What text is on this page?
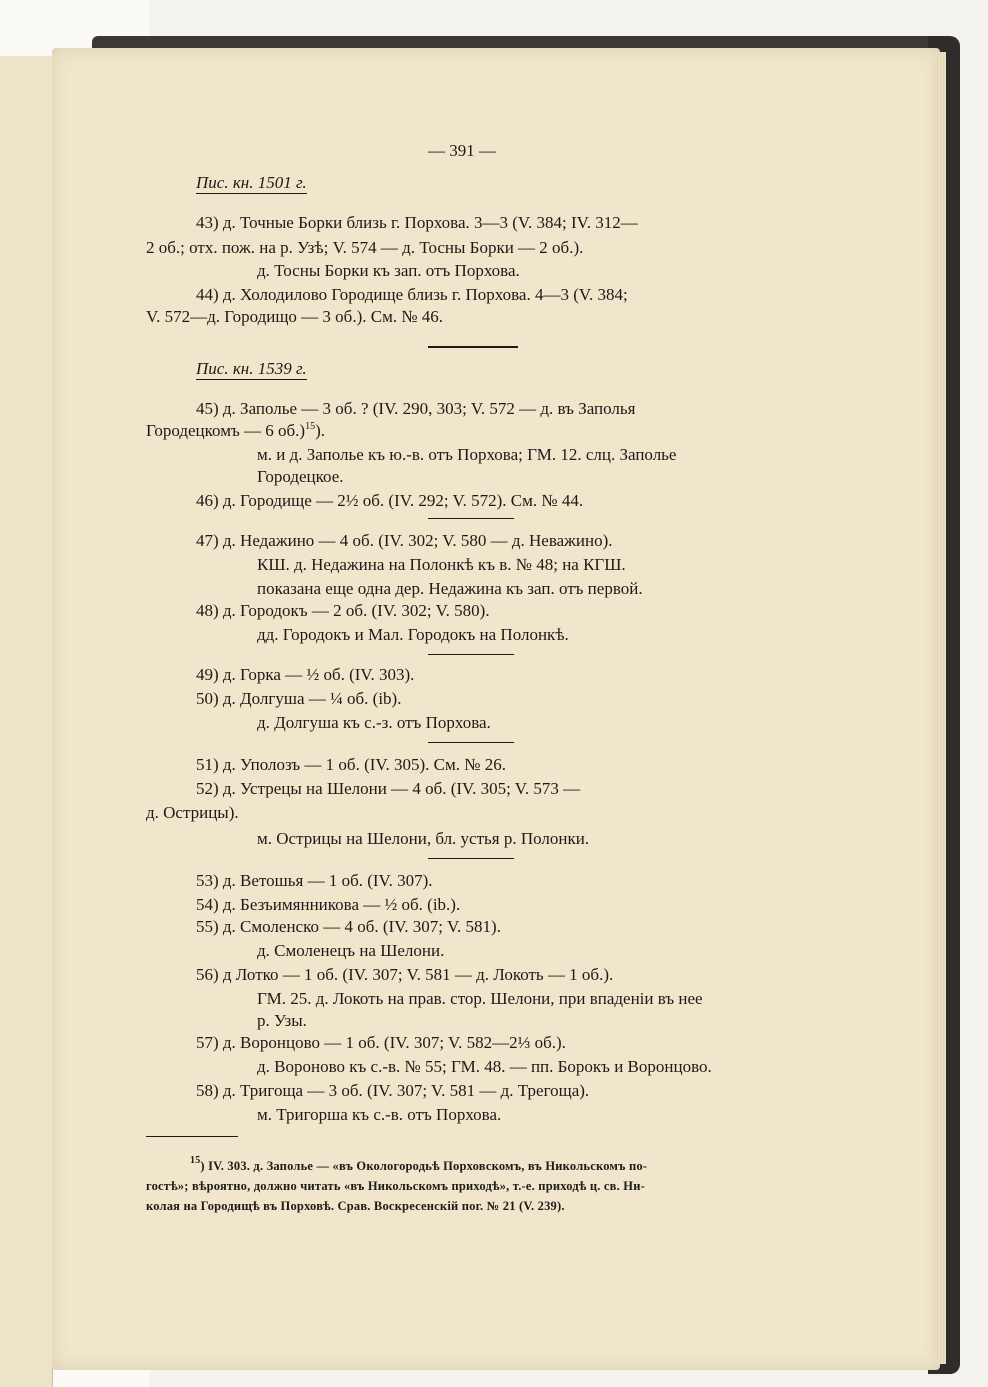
— 391 —
Пис. кн. 1501 г.
43) д. Точные Борки близь г. Порхова. 3—3 (V. 384; IV. 312—
2 об.; отх. пож. на р. Узѣ; V. 574 — д. Тосны Борки — 2 об.).
д. Тосны Борки къ зап. отъ Порхова.
44) д. Холодилово Городище близь г. Порхова. 4—3 (V. 384;
V. 572—д. Городищо — 3 об.). См. № 46.
Пис. кн. 1539 г.
45) д. Заполье — 3 об. ? (IV. 290, 303; V. 572 — д. въ Заполья
Городецкомъ — 6 об.)$^{15}$).
м. и д. Заполье къ ю.-в. отъ Порхова; ГМ. 12. слц. Заполье
Городецкое.
46) д. Городище — 2½ об. (IV. 292; V. 572). См. № 44.
47) д. Недажино — 4 об. (IV. 302; V. 580 — д. Неважино).
КШ. д. Недажина на Полонкѣ къ в. № 48; на КГШ.
показана еще одна дер. Недажина къ зап. отъ первой.
48) д. Городокъ — 2 об. (IV. 302; V. 580).
дд. Городокъ и Мал. Городокъ на Полонкѣ.
49) д. Горка — ½ об. (IV. 303).
50) д. Долгуша — ¼ об. (ib).
д. Долгуша къ с.-з. отъ Порхова.
51) д. Уполозъ — 1 об. (IV. 305). См. № 26.
52) д. Устрецы на Шелони — 4 об. (IV. 305; V. 573 —
д. Острицы).
м. Острицы на Шелони, бл. устья р. Полонки.
53) д. Ветошья — 1 об. (IV. 307).
54) д. Безъимянникова — ½ об. (ib.).
55) д. Смоленско — 4 об. (IV. 307; V. 581).
д. Смоленецъ на Шелони.
56) д Лотко — 1 об. (IV. 307; V. 581 — д. Локоть — 1 об.).
ГМ. 25. д. Локоть на прав. стор. Шелони, при впаденіи въ нее
р. Узы.
57) д. Воронцово — 1 об. (IV. 307; V. 582—2⅓ об.).
д. Вороново къ с.-в. № 55; ГМ. 48. — пп. Борокъ и Воронцово.
58) д. Тригоща — 3 об. (IV. 307; V. 581 — д. Трегоща).
м. Тригорша къ с.-в. отъ Порхова.
$^{15}$) IV. 303. д. Заполье — «въ Окологородьѣ Порховскомъ, въ Никольскомъ по-
гостѣ»; вѣроятно, должно читать «въ Никольскомъ приходѣ», т.-е. приходѣ ц. св. Ни-
колая на Городищѣ въ Порховѣ. Срав. Воскресенскій пог. № 21 (V. 239).
